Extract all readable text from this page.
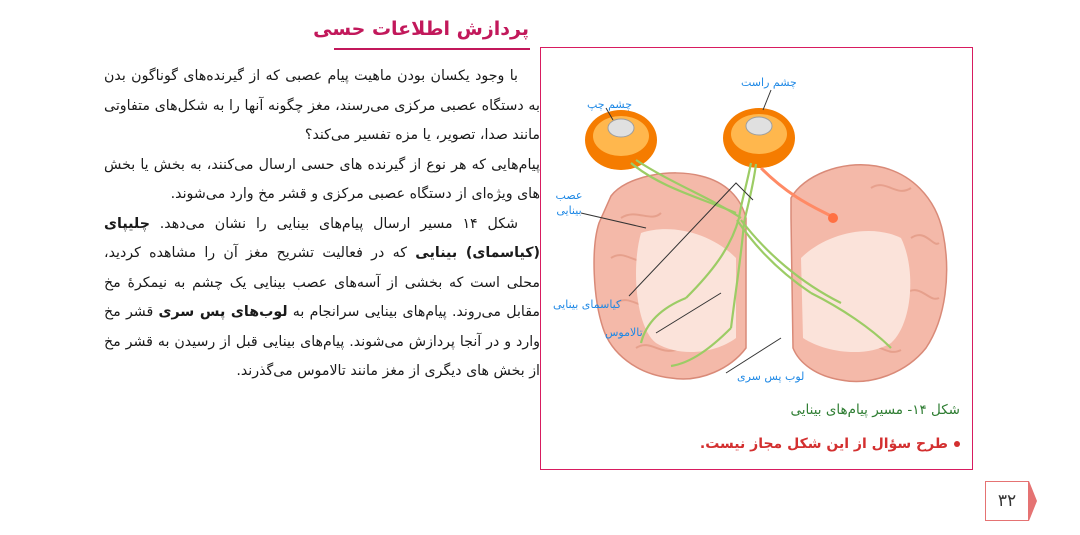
پردازش اطلاعات حسی

با وجود یکسان بودن ماهیت پیام عصبی که از گیرنده‌های گوناگون بدن به دستگاه عصبی مرکزی می‌رسند، مغز چگونه آنها را به شکل‌های متفاوتی مانند صدا، تصویر، یا مزه تفسیر می‌کند؟

پیام‌هایی که هر نوع از گیرنده های حسی ارسال می‌کنند، به بخش یا بخش های ویژه‌ای از دستگاه عصبی مرکزی و قشر مخ وارد می‌شوند.

شکل ۱۴ مسیر ارسال پیام‌های بینایی را نشان می‌دهد. چلیپای (کیاسمای) بینایی که در فعالیت تشریح مغز آن را مشاهده کردید، محلی است که بخشی از آسه‌های عصب بینایی یک چشم به نیمکرهٔ مخ مقابل می‌روند. پیام‌های بینایی سرانجام به لوب‌های پس سری قشر مخ وارد و در آنجا پردازش می‌شوند. پیام‌های بینایی قبل از رسیدن به قشر مخ از بخش های دیگری از مغز مانند تالاموس می‌گذرند.

چشم راست
چشم چپ
عصب بینایی
کیاسمای بینایی
تالاموس
لوب پس سری
شکل ۱۴- مسیر پیام‌های بینایی
طرح سؤال از این شکل مجاز نیست.
۳۲
